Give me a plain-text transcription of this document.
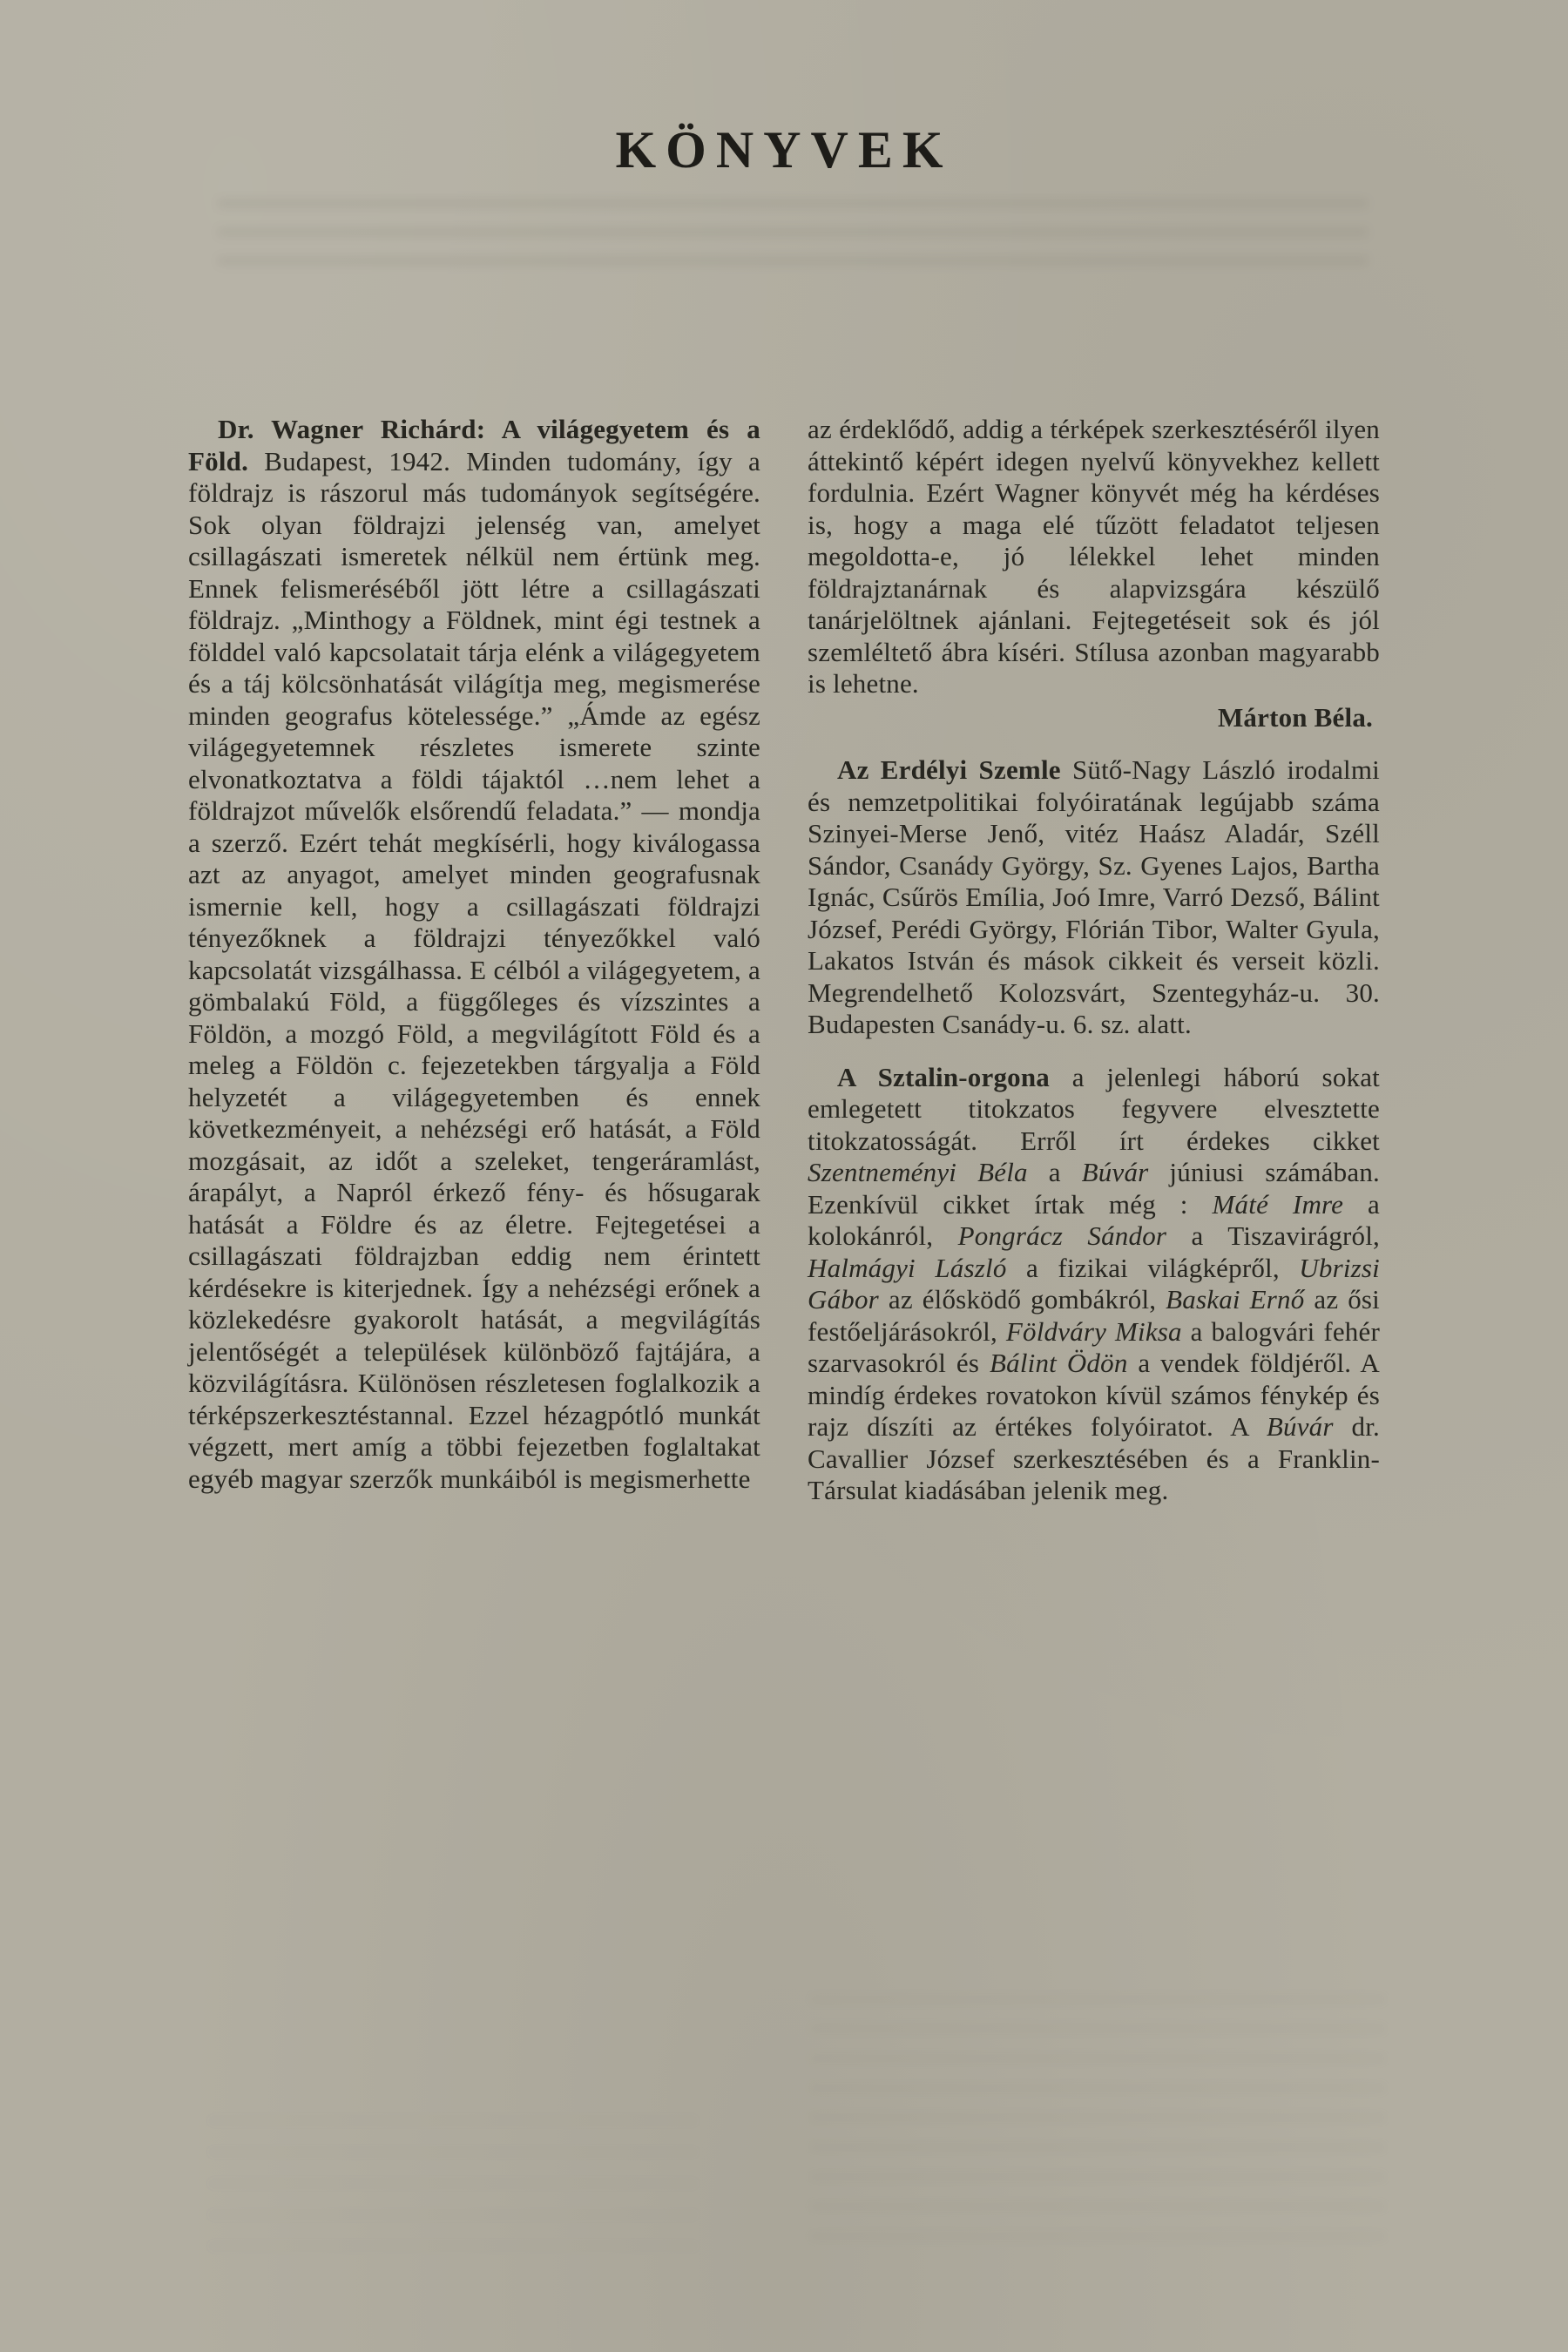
KÖNYVEK

Dr. Wagner Richárd: A világegyetem és a Föld. Budapest, 1942. Minden tudomány, így a földrajz is rászorul más tudományok segítségére. Sok olyan földrajzi jelenség van, amelyet csillagászati ismeretek nélkül nem értünk meg. Ennek felismeréséből jött létre a csillagászati földrajz. „Minthogy a Földnek, mint égi testnek a földdel való kapcsolatait tárja elénk a világegyetem és a táj kölcsönhatását világítja meg, megismerése minden geografus kötelessége.” „Ámde az egész világegyetemnek részletes ismerete szinte elvonatkoztatva a földi tájaktól …nem lehet a földrajzot művelők elsőrendű feladata.” — mondja a szerző. Ezért tehát megkísérli, hogy kiválogassa azt az anyagot, amelyet minden geografusnak ismernie kell, hogy a csillagászati földrajzi tényezőknek a földrajzi tényezőkkel való kapcsolatát vizsgálhassa. E célból a világegyetem, a gömbalakú Föld, a függőleges és vízszintes a Földön, a mozgó Föld, a megvilágított Föld és a meleg a Földön c. fejezetekben tárgyalja a Föld helyzetét a világegyetemben és ennek következményeit, a nehézségi erő hatását, a Föld mozgásait, az időt a szeleket, tengeráramlást, árapályt, a Napról érkező fény- és hősugarak hatását a Földre és az életre. Fejtegetései a csillagászati földrajzban eddig nem érintett kérdésekre is kiterjednek. Így a nehézségi erőnek a közlekedésre gyakorolt hatását, a megvilágítás jelentőségét a települések különböző fajtájára, a közvilágításra. Különösen részletesen foglalkozik a térképszerkesztéstannal. Ezzel hézagpótló munkát végzett, mert amíg a többi fejezetben foglaltakat egyéb magyar szerzők munkáiból is megismerhette

az érdeklődő, addig a térképek szerkesztéséről ilyen áttekintő képért idegen nyelvű könyvekhez kellett fordulnia. Ezért Wagner könyvét még ha kérdéses is, hogy a maga elé tűzött feladatot teljesen megoldotta-e, jó lélekkel lehet minden földrajztanárnak és alapvizsgára készülő tanárjelöltnek ajánlani. Fejtegetéseit sok és jól szemléltető ábra kíséri. Stílusa azonban magyarabb is lehetne.

Márton Béla.

Az Erdélyi Szemle Sütő-Nagy László irodalmi és nemzetpolitikai folyóiratának legújabb száma Szinyei-Merse Jenő, vitéz Haász Aladár, Széll Sándor, Csanády György, Sz. Gyenes Lajos, Bartha Ignác, Csűrös Emília, Joó Imre, Varró Dezső, Bálint József, Perédi György, Flórián Tibor, Walter Gyula, Lakatos István és mások cikkeit és verseit közli. Megrendelhető Kolozsvárt, Szentegyház-u. 30. Budapesten Csanády-u. 6. sz. alatt.

A Sztalin-orgona a jelenlegi háború sokat emlegetett titokzatos fegyvere elvesztette titokzatosságát. Erről írt érdekes cikket Szentneményi Béla a Búvár júniusi számában. Ezenkívül cikket írtak még : Máté Imre a kolokánról, Pongrácz Sándor a Tiszavirágról, Halmágyi László a fizikai világképről, Ubrizsi Gábor az élősködő gombákról, Baskai Ernő az ősi festőeljárásokról, Földváry Miksa a balogvári fehér szarvasokról és Bálint Ödön a vendek földjéről. A mindíg érdekes rovatokon kívül számos fénykép és rajz díszíti az értékes folyóiratot. A Búvár dr. Cavallier József szerkesztésében és a Franklin-Társulat kiadásában jelenik meg.
